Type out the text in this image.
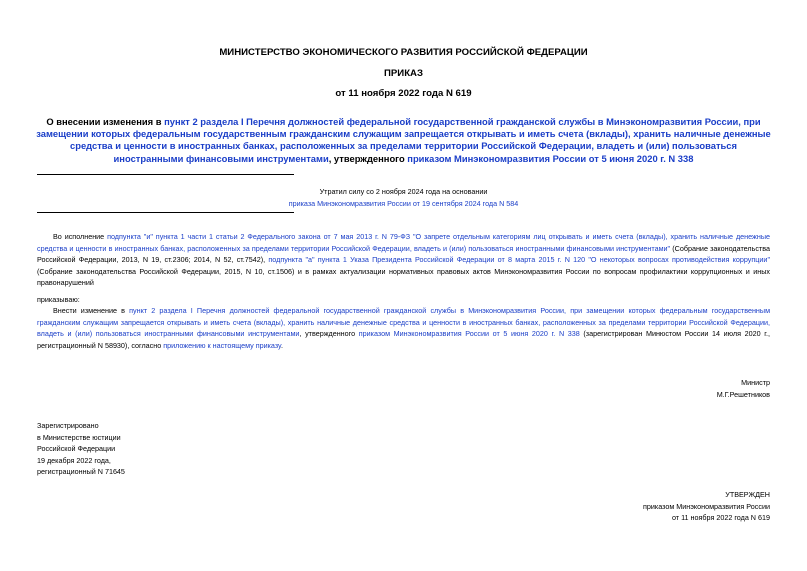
МИНИСТЕРСТВО ЭКОНОМИЧЕСКОГО РАЗВИТИЯ РОССИЙСКОЙ ФЕДЕРАЦИИ
ПРИКАЗ
от 11 ноября 2022 года N 619
О внесении изменения в пункт 2 раздела I Перечня должностей федеральной государственной гражданской службы в Минэкономразвития России, при замещении которых федеральным государственным гражданским служащим запрещается открывать и иметь счета (вклады), хранить наличные денежные средства и ценности в иностранных банках, расположенных за пределами территории Российской Федерации, владеть и (или) пользоваться иностранными финансовыми инструментами, утвержденного приказом Минэкономразвития России от 5 июня 2020 г. N 338
Утратил силу со 2 ноября 2024 года на основании
приказа Минэкономразвития России от 19 сентября 2024 года N 584
Во исполнение подпункта "и" пункта 1 части 1 статьи 2 Федерального закона от 7 мая 2013 г. N 79-ФЗ "О запрете отдельным категориям лиц открывать и иметь счета (вклады), хранить наличные денежные средства и ценности в иностранных банках, расположенных за пределами территории Российской Федерации, владеть и (или) пользоваться иностранными финансовыми инструментами" (Собрание законодательства Российской Федерации, 2013, N 19, ст.2306; 2014, N 52, ст.7542), подпункта "а" пункта 1 Указа Президента Российской Федерации от 8 марта 2015 г. N 120 "О некоторых вопросах противодействия коррупции" (Собрание законодательства Российской Федерации, 2015, N 10, ст.1506) и в рамках актуализации нормативных правовых актов Минэкономразвития России по вопросам профилактики коррупционных и иных правонарушений
приказываю:
Внести изменение в пункт 2 раздела I Перечня должностей федеральной государственной гражданской службы в Минэкономразвития России, при замещении которых федеральным государственным гражданским служащим запрещается открывать и иметь счета (вклады), хранить наличные денежные средства и ценности в иностранных банках, расположенных за пределами территории Российской Федерации, владеть и (или) пользоваться иностранными финансовыми инструментами, утвержденного приказом Минэкономразвития России от 5 июня 2020 г. N 338 (зарегистрирован Минюстом России 14 июля 2020 г., регистрационный N 58930), согласно приложению к настоящему приказу.
Министр
М.Г.Решетников
Зарегистрировано
в Министерстве юстиции
Российской Федерации
19 декабря 2022 года,
регистрационный N 71645
УТВЕРЖДЕН
приказом Минэкономразвития России
от 11 ноября 2022 года N 619
